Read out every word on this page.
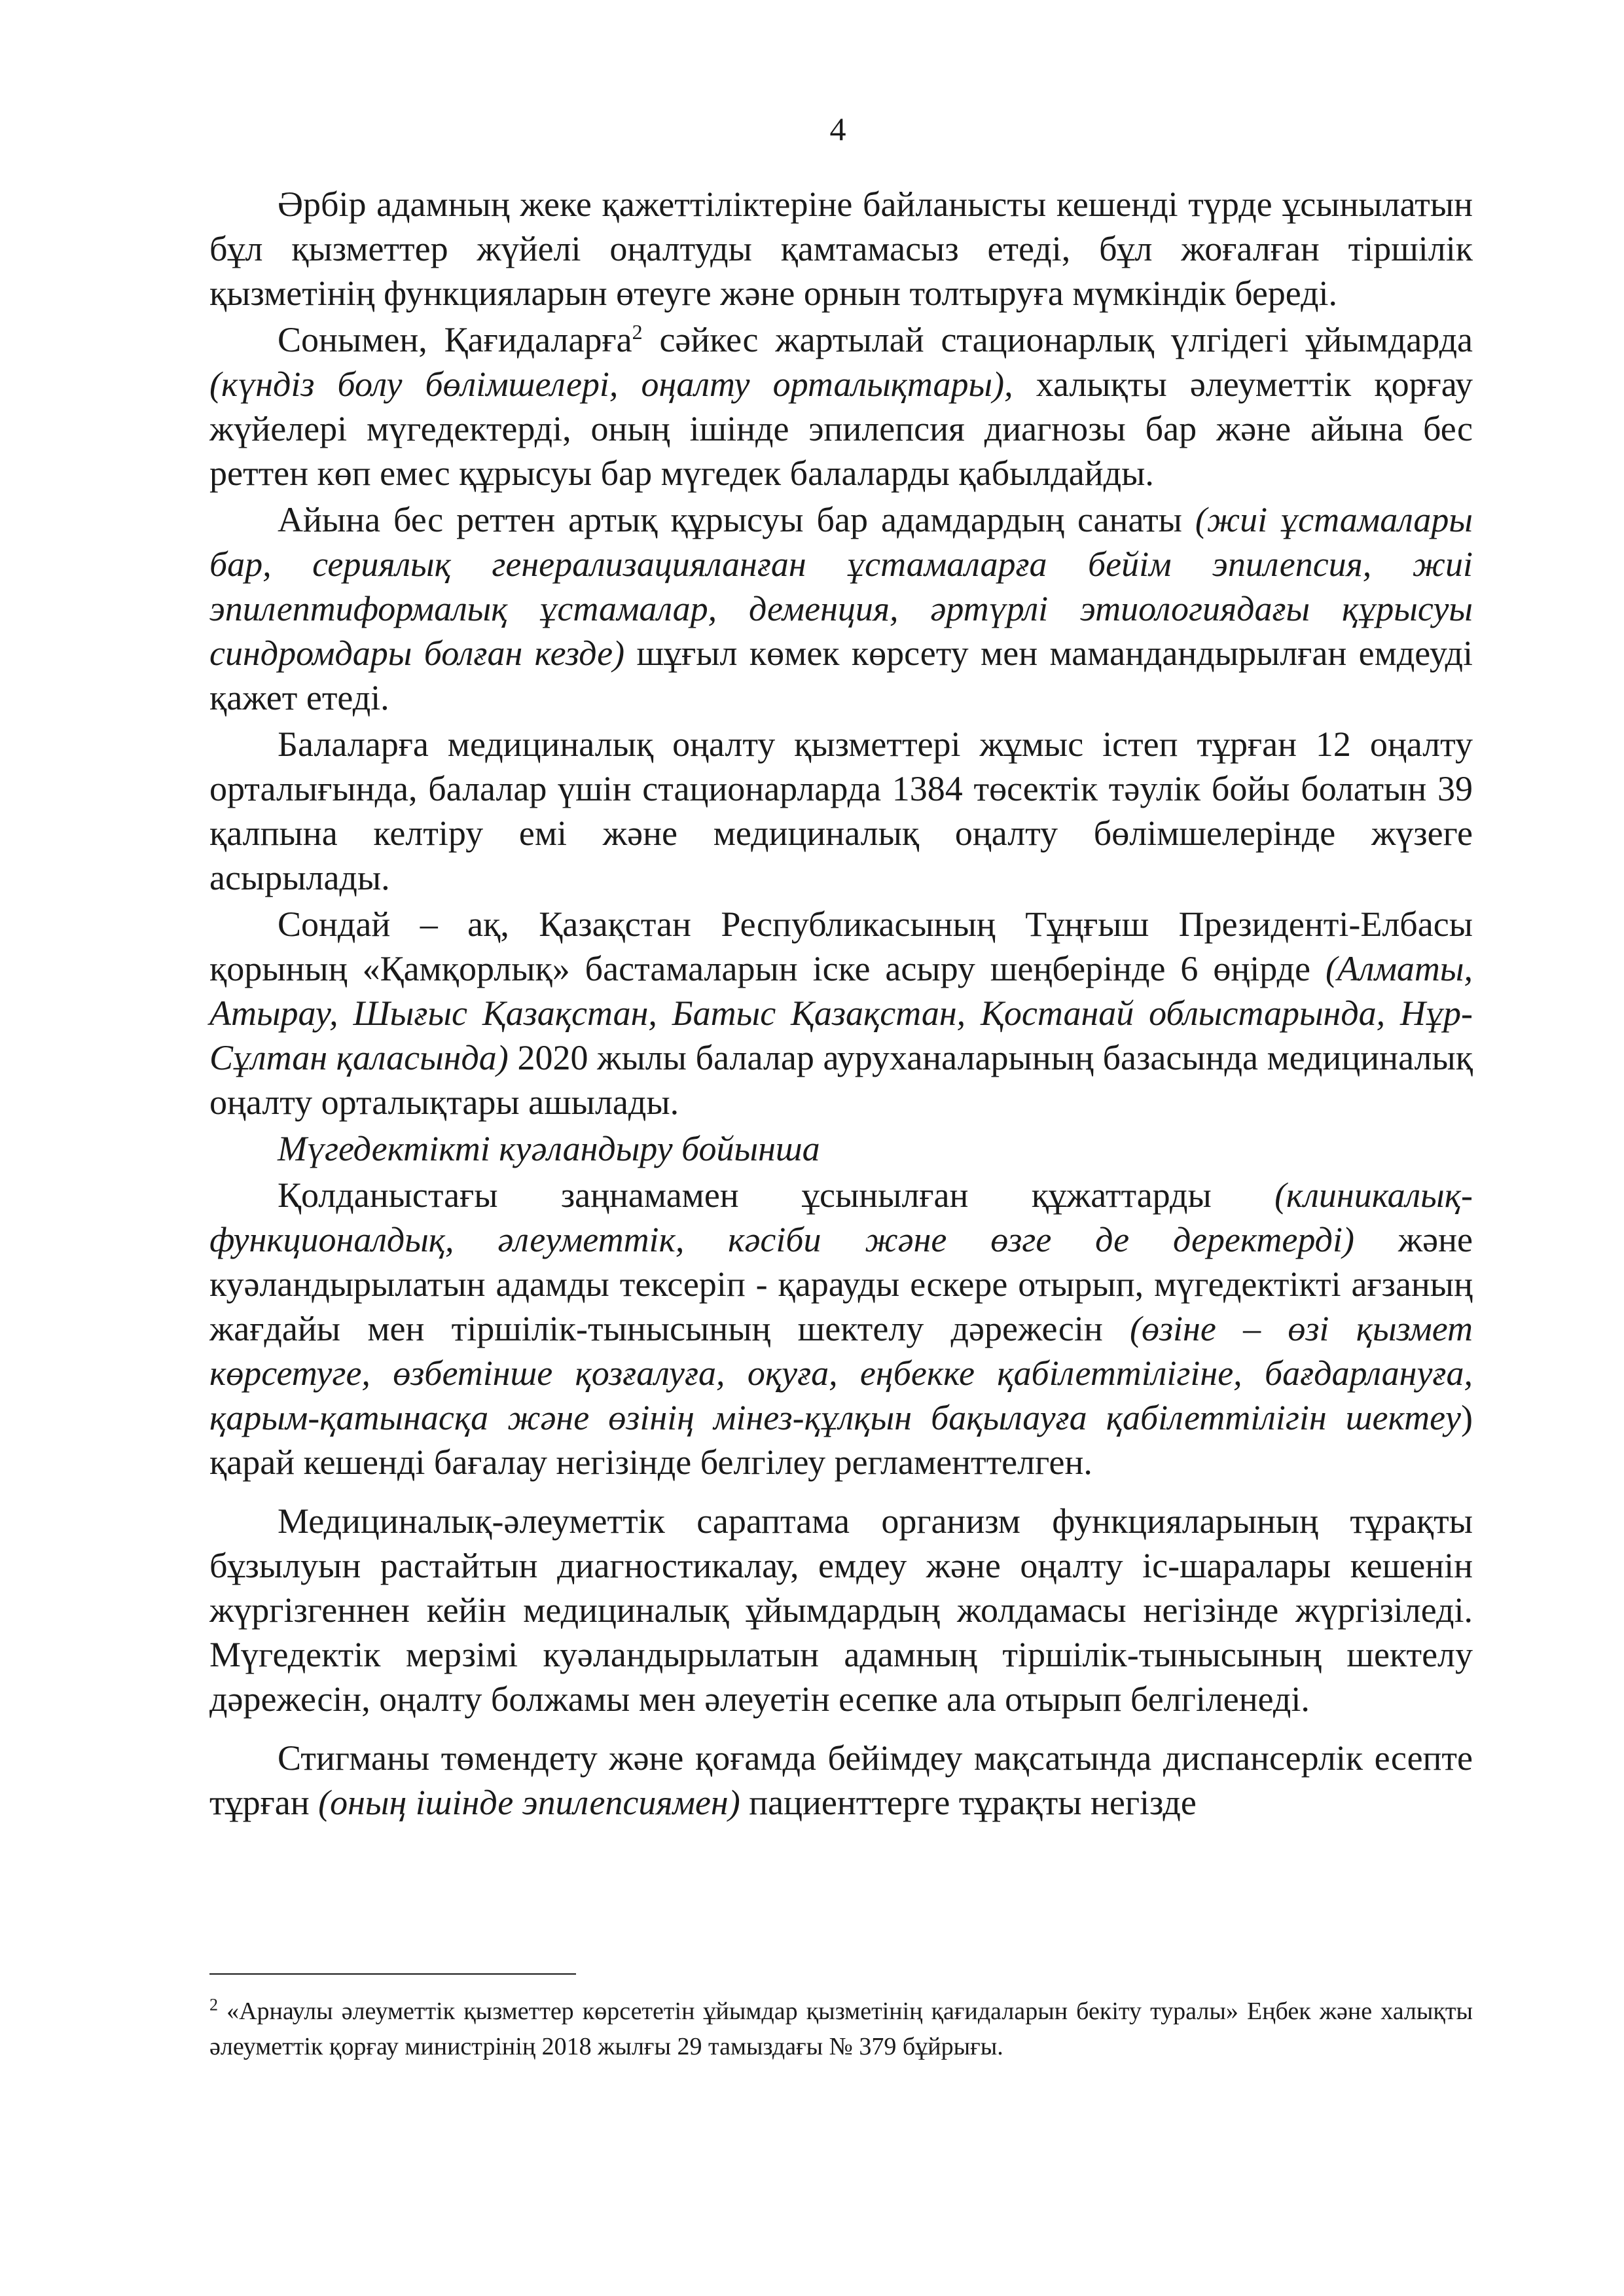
4

Әрбір адамның жеке қажеттіліктеріне байланысты кешенді түрде ұсынылатын бұл қызметтер жүйелі оңалтуды қамтамасыз етеді, бұл жоғалған тіршілік қызметінің функцияларын өтеуге және орнын толтыруға мүмкіндік береді.

Сонымен, Қағидаларға$^2$ сәйкес жартылай стационарлық үлгідегі ұйымдарда (күндіз болу бөлімшелері, оңалту орталықтары), халықты әлеуметтік қорғау жүйелері мүгедектерді, оның ішінде эпилепсия диагнозы бар және айына бес реттен көп емес құрысуы бар мүгедек балаларды қабылдайды.

Айына бес реттен артық құрысуы бар адамдардың санаты (жиі ұстамалары бар, сериялық генерализацияланған ұстамаларға бейім эпилепсия, жиі эпилептиформалық ұстамалар, деменция, әртүрлі этиологиядағы құрысуы синдромдары болған кезде) шұғыл көмек көрсету мен мамандандырылған емдеуді қажет етеді.

Балаларға медициналық оңалту қызметтері жұмыс істеп тұрған 12 оңалту орталығында, балалар үшін стационарларда 1384 төсектік тәулік бойы болатын 39 қалпына келтіру емі және медициналық оңалту бөлімшелерінде жүзеге асырылады.

Сондай – ақ, Қазақстан Республикасының Тұңғыш Президенті-Елбасы қорының «Қамқорлық» бастамаларын іске асыру шеңберінде 6 өңірде (Алматы, Атырау, Шығыс Қазақстан, Батыс Қазақстан, Қостанай облыстарында, Нұр-Сұлтан қаласында) 2020 жылы балалар ауруханаларының базасында медициналық оңалту орталықтары ашылады.

Мүгедектікті куәландыру бойынша

Қолданыстағы заңнамамен ұсынылған құжаттарды (клиникалық-функционалдық, әлеуметтік, кәсіби және өзге де деректерді) және куәландырылатын адамды тексеріп - қарауды ескере отырып, мүгедектікті ағзаның жағдайы мен тіршілік-тынысының шектелу дәрежесін (өзіне – өзі қызмет көрсетуге, өзбетінше қозғалуға, оқуға, еңбекке қабілеттілігіне, бағдарлануға, қарым-қатынасқа және өзінің мінез-құлқын бақылауға қабілеттілігін шектеу) қарай кешенді бағалау негізінде белгілеу регламенттелген.

Медициналық-әлеуметтік сараптама организм функцияларының тұрақты бұзылуын растайтын диагностикалау, емдеу және оңалту іс-шаралары кешенін жүргізгеннен кейін медициналық ұйымдардың жолдамасы негізінде жүргізіледі. Мүгедектік мерзімі куәландырылатын адамның тіршілік-тынысының шектелу дәрежесін, оңалту болжамы мен әлеуетін есепке ала отырып белгіленеді.

Стигманы төмендету және қоғамда бейімдеу мақсатында диспансерлік есепте тұрған (оның ішінде эпилепсиямен) пациенттерге тұрақты негізде

$^2$ «Арнаулы әлеуметтік қызметтер көрсететін ұйымдар қызметінің қағидаларын бекіту туралы» Еңбек және халықты әлеуметтік қорғау министрінің 2018 жылғы 29 тамыздағы № 379 бұйрығы.
